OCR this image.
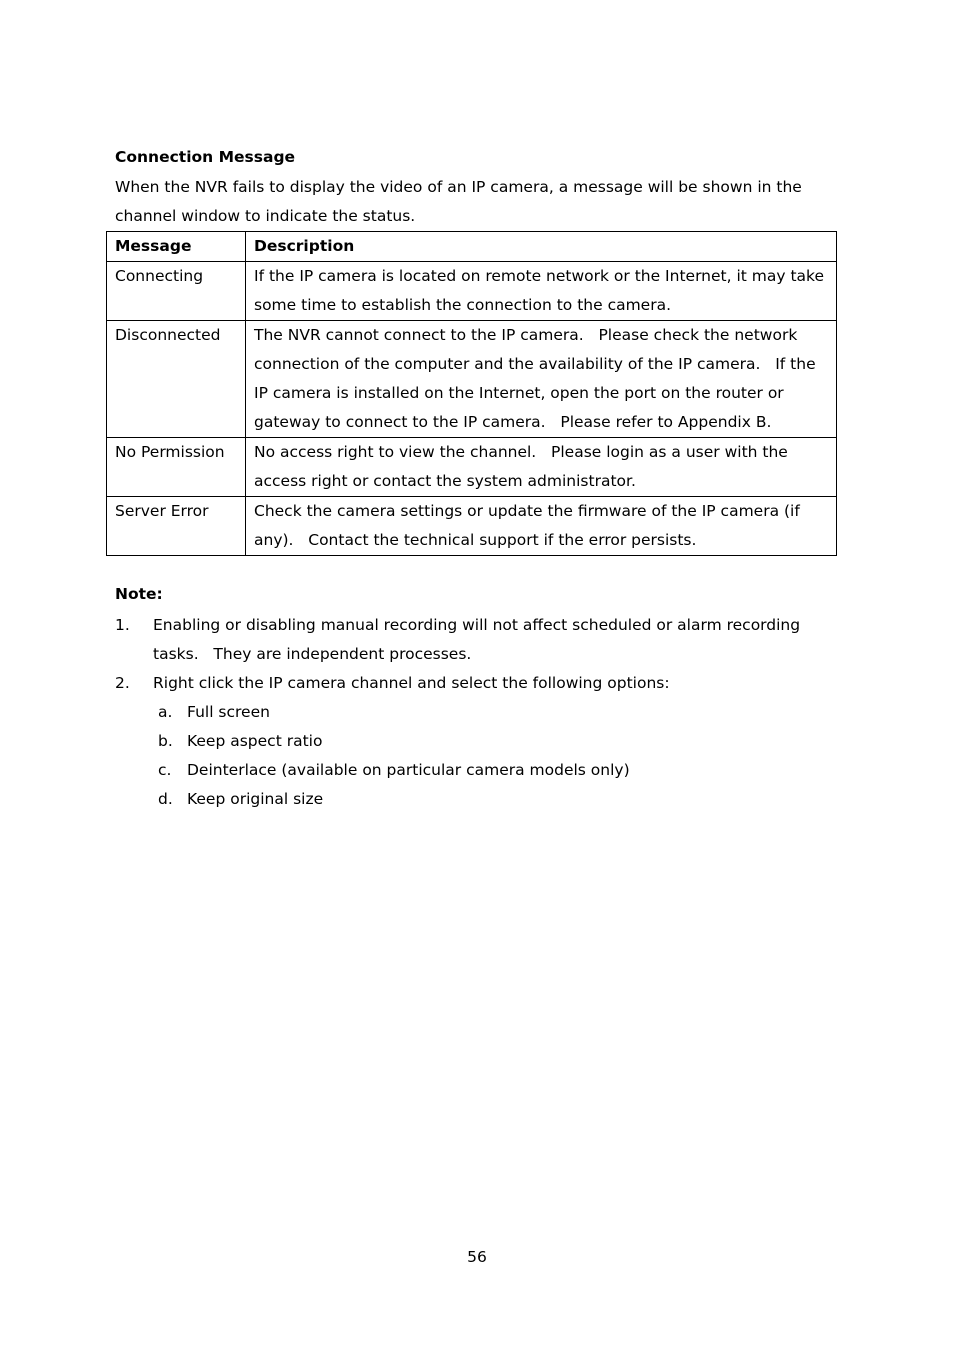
Connection Message
When the NVR fails to display the video of an IP camera, a message will be shown in the channel window to indicate the status.
Message	Description
Connecting	If the IP camera is located on remote network or the Internet, it may take some time to establish the connection to the camera.
Disconnected	The NVR cannot connect to the IP camera.   Please check the network connection of the computer and the availability of the IP camera.   If the IP camera is installed on the Internet, open the port on the router or gateway to connect to the IP camera.   Please refer to Appendix B.
No Permission	No access right to view the channel.   Please login as a user with the access right or contact the system administrator.
Server Error	Check the camera settings or update the firmware of the IP camera (if any).   Contact the technical support if the error persists.
Note:
1. Enabling or disabling manual recording will not affect scheduled or alarm recording tasks.   They are independent processes.
2. Right click the IP camera channel and select the following options:
a. Full screen
b. Keep aspect ratio
c. Deinterlace (available on particular camera models only)
d. Keep original size
56
